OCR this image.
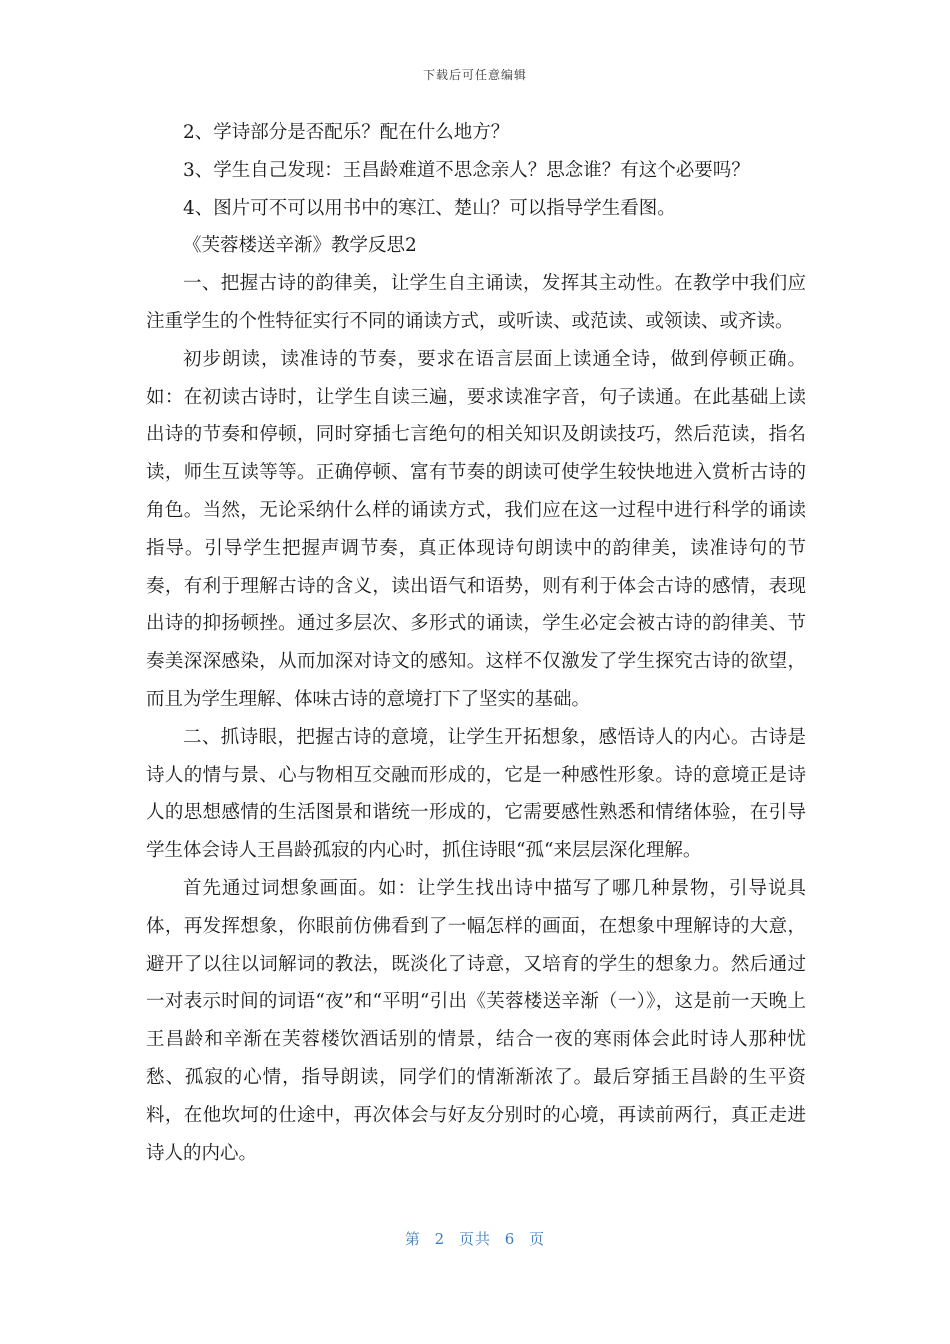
下载后可任意编辑

2、学诗部分是否配乐？配在什么地方？

3、学生自己发现：王昌龄难道不思念亲人？思念谁？有这个必要吗？

4、图片可不可以用书中的寒江、楚山？可以指导学生看图。

《芙蓉楼送辛渐》教学反思2

一、把握古诗的韵律美，让学生自主诵读，发挥其主动性。在教学中我们应注重学生的个性特征实行不同的诵读方式，或听读、或范读、或领读、或齐读。

初步朗读，读准诗的节奏，要求在语言层面上读通全诗，做到停顿正确。如：在初读古诗时，让学生自读三遍，要求读准字音，句子读通。在此基础上读出诗的节奏和停顿，同时穿插七言绝句的相关知识及朗读技巧，然后范读，指名读，师生互读等等。正确停顿、富有节奏的朗读可使学生较快地进入赏析古诗的角色。当然，无论采纳什么样的诵读方式，我们应在这一过程中进行科学的诵读指导。引导学生把握声调节奏，真正体现诗句朗读中的韵律美，读准诗句的节奏，有利于理解古诗的含义，读出语气和语势，则有利于体会古诗的感情，表现出诗的抑扬顿挫。通过多层次、多形式的诵读，学生必定会被古诗的韵律美、节奏美深深感染，从而加深对诗文的感知。这样不仅激发了学生探究古诗的欲望，而且为学生理解、体味古诗的意境打下了坚实的基础。

二、抓诗眼，把握古诗的意境，让学生开拓想象，感悟诗人的内心。古诗是诗人的情与景、心与物相互交融而形成的，它是一种感性形象。诗的意境正是诗人的思想感情的生活图景和谐统一形成的，它需要感性熟悉和情绪体验，在引导学生体会诗人王昌龄孤寂的内心时，抓住诗眼“孤“来层层深化理解。

首先通过词想象画面。如：让学生找出诗中描写了哪几种景物，引导说具体，再发挥想象，你眼前仿佛看到了一幅怎样的画面，在想象中理解诗的大意，避开了以往以词解词的教法，既淡化了诗意，又培育的学生的想象力。然后通过一对表示时间的词语“夜”和“平明“引出《芙蓉楼送辛渐（一）》，这是前一天晚上王昌龄和辛渐在芙蓉楼饮酒话别的情景，结合一夜的寒雨体会此时诗人那种忧愁、孤寂的心情，指导朗读，同学们的情渐渐浓了。最后穿插王昌龄的生平资料，在他坎坷的仕途中，再次体会与好友分别时的心境，再读前两行，真正走进诗人的内心。

第 2 页共 6 页
